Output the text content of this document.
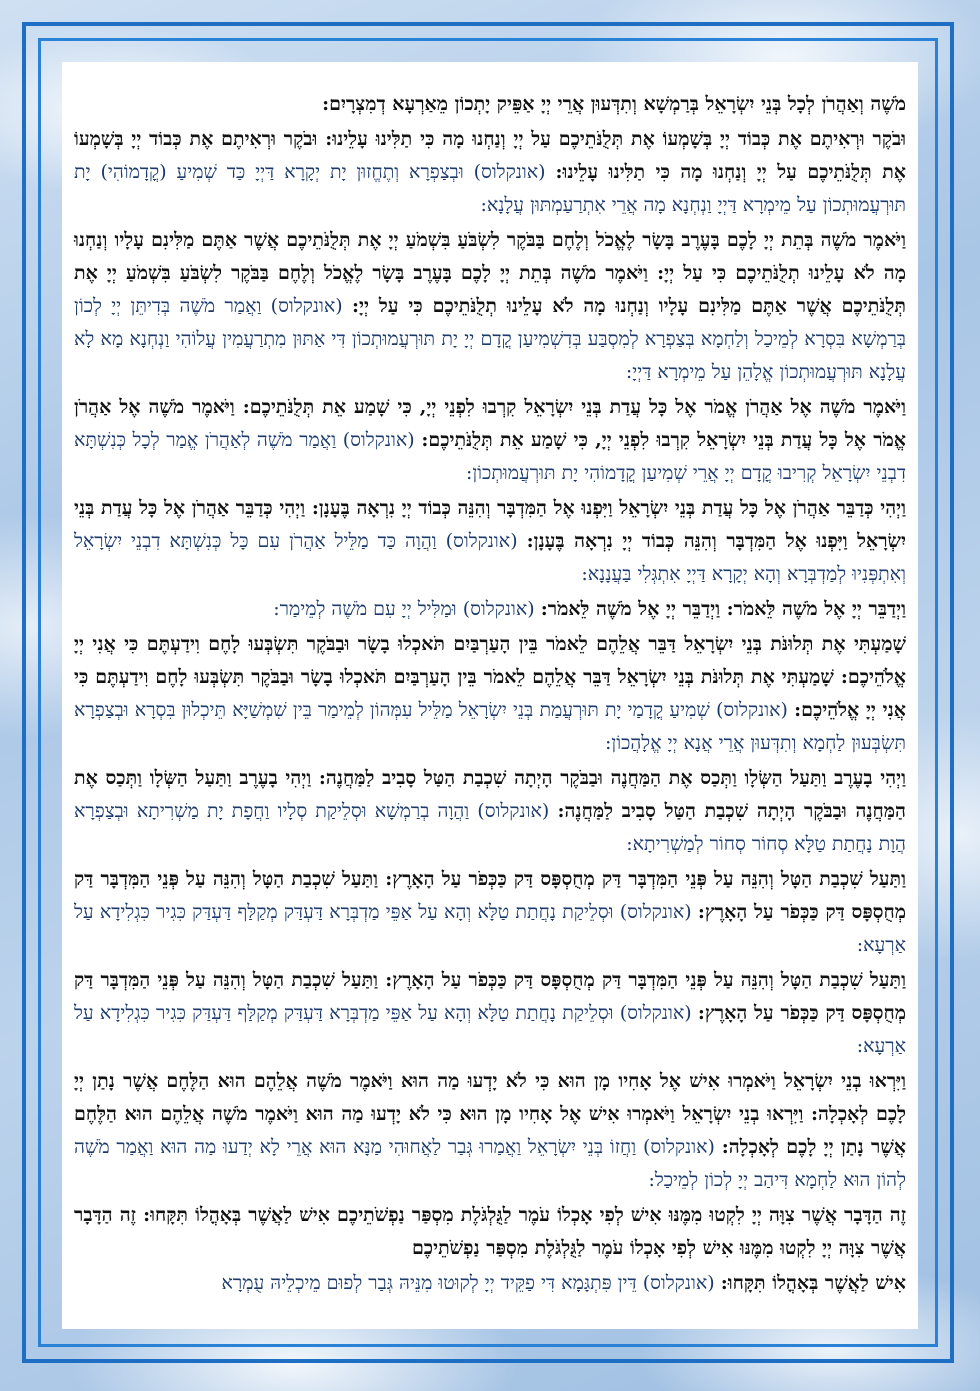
מֹשֶׁה וְאַהֲרֹן לְכָל בְּנֵי יִשְׂרָאֵל בְּרַמְשָׁא וְתִדְּעוּן אֲרֵי יְיָ אַפֵּיק יָתְכוֹן מֵאַרְעָא דְמִצְרָיִם:

וּבֹקֶר וּרְאִיתֶם אֶת כְּבוֹד יְיָ בְּשָׁמְעוֹ אֶת תְּלֻנֹּתֵיכֶם עַל יְיָ וְנַחְנוּ מָה כִּי תַלִּינוּ עָלֵינוּ: וּבֹקֶר וּרְאִיתֶם אֶת כְּבוֹד יְיָ בְּשָׁמְעוֹ אֶת תְּלֻנֹּתֵיכֶם עַל יְיָ וְנַחְנוּ מָה כִּי תַלִּינוּ עָלֵינוּ: (אונקלוס) וּבְצַפְרָא וְתֶחֱזוּן יָת יְקָרָא דַּיְיָ כַּד שְׁמִיעַ (קֳדָמוֹהִי) יָת תּוּרְעֲמוּתְכוֹן עַל מֵימְרָא דַּיְיָ וַנְחְנָא מָה אֲרֵי אִתְרַעַמְתּוּן עֲלָנָא:

וַיֹּאמֶר מֹשֶׁה בְּתֵת יְיָ לָכֶם בָּעֶרֶב בָּשָׂר לֶאֱכֹל וְלֶחֶם בַּבֹּקֶר לִשְׂבֹּעַ בִּשְׁמֹעַ יְיָ אֶת תְּלֻנֹּתֵיכֶם אֲשֶׁר אַתֶּם מַלִּינִם עָלָיו וְנַחְנוּ מָה לֹא עָלֵינוּ תְלֻנֹּתֵיכֶם כִּי עַל יְיָ: וַיֹּאמֶר מֹשֶׁה בְּתֵת יְיָ לָכֶם בָּעֶרֶב בָּשָׂר לֶאֱכֹל וְלֶחֶם בַּבֹּקֶר לִשְׂבֹּעַ בִּשְׁמֹעַ יְיָ אֶת תְּלֻנֹּתֵיכֶם אֲשֶׁר אַתֶּם מַלִּינִם עָלָיו וְנַחְנוּ מָה לֹא עָלֵינוּ תְלֻנֹּתֵיכֶם כִּי עַל יְיָ: (אונקלוס) וַאֲמַר מֹשֶׁה בְּדִיתֵּן יְיָ לְכוֹן בְּרַמְשָׁא בִּסְרָא לְמֵיכַל וְלַחְמָא בְּצַפְרָא לְמִסְבַּע בְּדִשְׁמִיעַן קֳדָם יְיָ יָת תּוּרְעֲמוּתְכוֹן דִּי אַתּוּן מִתְרַעֲמִין עֲלוֹהִי וַנְחְנָא מָא לָא עֲלָנָא תּוּרְעֲמוּתְכוֹן אֱלָהֵן עַל מֵימְרָא דַּיְיָ:

וַיֹּאמֶר מֹשֶׁה אֶל אַהֲרֹן אֱמֹר אֶל כָּל עֲדַת בְּנֵי יִשְׂרָאֵל קִרְבוּ לִפְנֵי יְיָ, כִּי שָׁמַע אֵת תְּלֻנֹּתֵיכֶם: וַיֹּאמֶר מֹשֶׁה אֶל אַהֲרֹן אֱמֹר אֶל כָּל עֲדַת בְּנֵי יִשְׂרָאֵל קִרְבוּ לִפְנֵי יְיָ, כִּי שָׁמַע אֵת תְּלֻנֹּתֵיכֶם: (אונקלוס) וַאֲמַר מֹשֶׁה לְאַהֲרֹן אֱמַר לְכָל כְּנִשְׁתָּא דִבְנֵי יִשְׂרָאֵל קְרִיבוּ קֳדָם יְיָ אֲרֵי שְׁמִיעַן קֳדָמוֹהִי יָת תּוּרְעֲמוּתְכוֹן:

וַיְהִי כְּדַבֵּר אַהֲרֹן אֶל כָּל עֲדַת בְּנֵי יִשְׂרָאֵל וַיִּפְנוּ אֶל הַמִּדְבָּר וְהִנֵּה כְּבוֹד יְיָ נִרְאָה בֶּעָנָן: וַיְהִי כְּדַבֵּר אַהֲרֹן אֶל כָּל עֲדַת בְּנֵי יִשְׂרָאֵל וַיִּפְנוּ אֶל הַמִּדְבָּר וְהִנֵּה כְּבוֹד יְיָ נִרְאָה בֶּעָנָן: (אונקלוס) וַהֲוָה כַּד מַלֵּיל אַהֲרֹן עִם כָּל כְּנִשְׁתָּא דִבְנֵי יִשְׂרָאֵל וְאִתְפְּנִיוּ לְמַדְבְּרָא וְהָא יְקָרָא דַּיְיָ אִתְגְּלִי בַּעֲנָנָא:

וַיְדַבֵּר יְיָ אֶל מֹשֶׁה לֵּאמֹר: וַיְדַבֵּר יְיָ אֶל מֹשֶׁה לֵּאמֹר: (אונקלוס) וּמַלִּיל יְיָ עִם מֹשֶׁה לְמֵימַר:

שָׁמַעְתִּי אֶת תְּלוּנֹּת בְּנֵי יִשְׂרָאֵל דַּבֵּר אֲלֵהֶם לֵאמֹר בֵּין הָעַרְבַּיִם תֹּאכְלוּ בָשָׂר וּבַבֹּקֶר תִּשְׂבְּעוּ לָחֶם וִידַעְתֶּם כִּי אֲנִי יְיָ אֱלֹהֵיכֶם: שָׁמַעְתִּי אֶת תְּלוּנֹּת בְּנֵי יִשְׂרָאֵל דַּבֵּר אֲלֵהֶם לֵאמֹר בֵּין הָעַרְבַּיִם תֹּאכְלוּ בָשָׂר וּבַבֹּקֶר תִּשְׂבְּעוּ לָחֶם וִידַעְתֶּם כִּי אֲנִי יְיָ אֱלֹהֵיכֶם: (אונקלוס) שְׁמִיעַ קֳדָמַי יָת תּוּרְעֲמַת בְּנֵי יִשְׂרָאֵל מַלֵּיל עִמְּהוֹן לְמֵימַר בֵּין שִׁמְשַׁיָּא תֵּיכְלוּן בִּסְרָא וּבְצַפְרָא תִּשְׂבְּעוּן לַחְמָא וְתִדְּעוּן אֲרֵי אֲנָא יְיָ אֱלָהֲכוֹן:

וַיְהִי בָעֶרֶב וַתַּעַל הַשְּׂלָו וַתְּכַס אֶת הַמַּחֲנֶה וּבַבֹּקֶר הָיְתָה שִׁכְבַת הַטַּל סָבִיב לַמַּחֲנֶה: וַיְהִי בָעֶרֶב וַתַּעַל הַשְּׂלָו וַתְּכַס אֶת הַמַּחֲנֶה וּבַבֹּקֶר הָיְתָה שִׁכְבַת הַטַּל סָבִיב לַמַּחֲנֶה: (אונקלוס) וַהֲוָה בְרַמְשָׁא וּסְלֵיקַת סְלָיו וַחֲפָת יָת מַשְׁרִיתָא וּבְצַפְרָא הֲוָת נָחֲתַת טַלָּא סְחוֹר סְחוֹר לְמַשְׁרִיתָא:

וַתַּעַל שִׁכְבַת הַטָּל וְהִנֵּה עַל פְּנֵי הַמִּדְבָּר דַּק מְחֻסְפָּס דַּק כַּכְּפֹר עַל הָאָרֶץ: וַתַּעַל שִׁכְבַת הַטָּל וְהִנֵּה עַל פְּנֵי הַמִּדְבָּר דַּק מְחֻסְפָּס דַּק כַּכְּפֹר עַל הָאָרֶץ: (אונקלוס) וּסְלֵיקַת נָחֲתַת טַלָּא וְהָא עַל אַפֵּי מַדְבְּרָא דַּעְדַּק מְקַלַּף דַּעְדַּק כִּגִיר כִּגְלִידָא עַל אַרְעָא:

וַתַּעַל שִׁכְבַת הַטָּל וְהִנֵּה עַל פְּנֵי הַמִּדְבָּר דַּק מְחֻסְפָּס דַּק כַּכְּפֹר עַל הָאָרֶץ: וַתַּעַל שִׁכְבַת הַטָּל וְהִנֵּה עַל פְּנֵי הַמִּדְבָּר דַּק מְחֻסְפָּס דַּק כַּכְּפֹר עַל הָאָרֶץ: (אונקלוס) וּסְלֵיקַת נָחֲתַת טַלָּא וְהָא עַל אַפֵּי מַדְבְּרָא דַּעְדַּק מְקַלַּף דַּעְדַּק כִּגִיר כִּגְלִידָא עַל אַרְעָא:

וַיִּרְאוּ בְנֵי יִשְׂרָאֵל וַיֹּאמְרוּ אִישׁ אֶל אָחִיו מָן הוּא כִּי לֹא יָדְעוּ מַה הוּא וַיֹּאמֶר מֹשֶׁה אֲלֵהֶם הוּא הַלֶּחֶם אֲשֶׁר נָתַן יְיָ לָכֶם לְאָכְלָה: וַיִּרְאוּ בְנֵי יִשְׂרָאֵל וַיֹּאמְרוּ אִישׁ אֶל אָחִיו מָן הוּא כִּי לֹא יָדְעוּ מַה הוּא וַיֹּאמֶר מֹשֶׁה אֲלֵהֶם הוּא הַלֶּחֶם אֲשֶׁר נָתַן יְיָ לָכֶם לְאָכְלָה: (אונקלוס) וַחֲזוֹ בְּנֵי יִשְׂרָאֵל וַאֲמַרוּ גְּבַר לַאֲחוּהִי מַנָּא הוּא אֲרֵי לָא יְדַעוּ מַה הוּא וַאֲמַר מֹשֶׁה לְהוֹן הוּא לַחְמָא דִּיהַב יְיָ לְכוֹן לְמֵיכַל:

זֶה הַדָּבָר אֲשֶׁר צִוָּה יְיָ לִקְטוּ מִמֶּנּוּ אִישׁ לְפִי אָכְלוֹ עֹמֶר לַגֻּלְגֹּלֶת מִסְפַּר נַפְשֹׁתֵיכֶם אִישׁ לַאֲשֶׁר בְּאָהֳלוֹ תִּקָּחוּ: זֶה הַדָּבָר אֲשֶׁר צִוָּה יְיָ לִקְטוּ מִמֶּנּוּ אִישׁ לְפִי אָכְלוֹ עֹמֶר לַגֻּלְגֹּלֶת מִסְפַּר נַפְשֹׁתֵיכֶם

אִישׁ לַאֲשֶׁר בְּאָהֳלוֹ תִּקָּחוּ: (אונקלוס) דֵּין פִּתְגָּמָא דִּי פַקֵּיד יְיָ לְקוּטוּ מִנֵּיהּ גְּבַר לְפוּם מֵיכְלֵיהּ עֻמְרָא
